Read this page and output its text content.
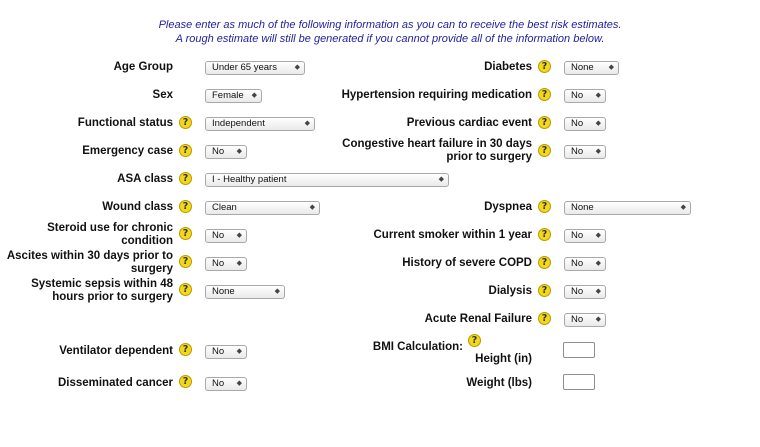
Please enter as much of the following information as you can to receive the best risk estimates.
A rough estimate will still be generated if you cannot provide all of the information below.
Age Group	Under 65 years	◆
Sex	Female ◆
Functional status	?	Independent	◆
Emergency case	?	No ◆
ASA class	?	I - Healthy patient	◆
Wound class	?	Clean	◆
Steroid use for chronic
condition
?	No ◆
Ascites within 30 days prior to
surgery
?	No ◆
Systemic sepsis within 48
hours prior to surgery
?	None	◆
Ventilator dependent	?	No ◆
Disseminated cancer	?	No ◆
Diabetes	?	None ◆
Hypertension requiring medication	?	No ◆
Previous cardiac event	?	No ◆
Congestive heart failure in 30 days
prior to surgery
?	No ◆
Dyspnea	?	None	◆
Current smoker within 1 year	?	No ◆
History of severe COPD	?	No ◆
Dialysis	?	No ◆
Acute Renal Failure	?	No ◆
BMI Calculation:
?
Height (in)
Weight (lbs)
